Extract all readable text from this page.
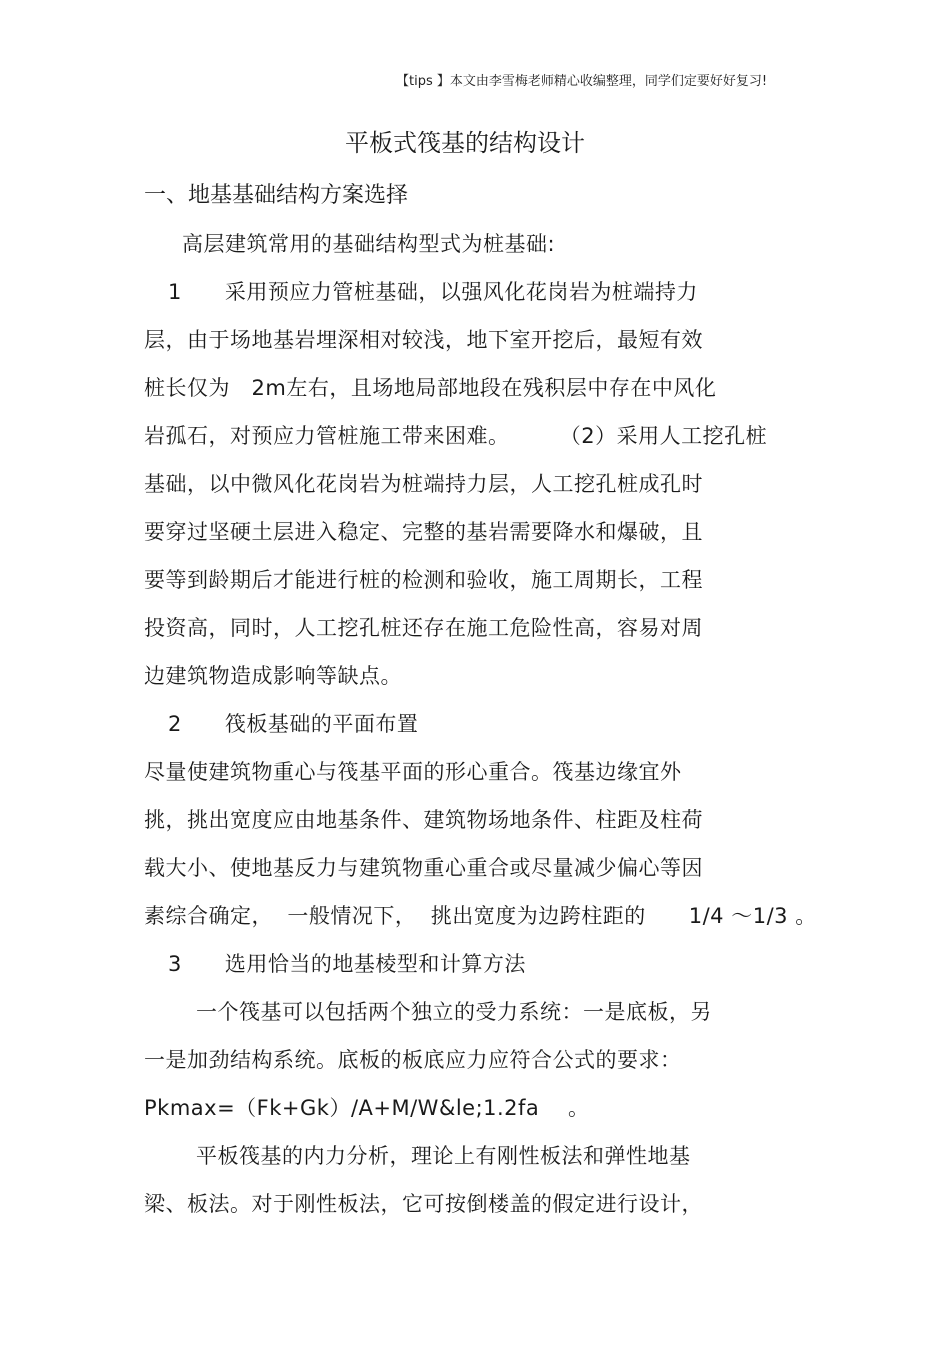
【tips 】本文由李雪梅老师精心收编整理，同学们定要好好复习!
平板式筏基的结构设计
一、地基基础结构方案选择
高层建筑常用的基础结构型式为桩基础:
1      采用预应力管桩基础，以强风化花岗岩为桩端持力
层，由于场地基岩埋深相对较浅，地下室开挖后，最短有效
桩长仅为   2m左右，且场地局部地段在残积层中存在中风化
岩孤石，对预应力管桩施工带来困难。       （2）采用人工挖孔桩
基础，以中微风化花岗岩为桩端持力层，人工挖孔桩成孔时
要穿过坚硬土层进入稳定、完整的基岩需要降水和爆破，且
要等到龄期后才能进行桩的检测和验收，施工周期长，工程
投资高，同时，人工挖孔桩还存在施工危险性高，容易对周
边建筑物造成影响等缺点。
2      筏板基础的平面布置
尽量使建筑物重心与筏基平面的形心重合。筏基边缘宜外
挑，挑出宽度应由地基条件、建筑物场地条件、柱距及柱荷
载大小、使地基反力与建筑物重心重合或尽量减少偏心等因
素综合确定，  一般情况下，  挑出宽度为边跨柱距的      1/4 ～1/3 。
3      选用恰当的地基棱型和计算方法
一个筏基可以包括两个独立的受力系统：一是底板，另
一是加劲结构系统。底板的板底应力应符合公式的要求：
Pkmax=（Fk+Gk）/A+M/W&le;1.2fa    。
平板筏基的内力分析，理论上有刚性板法和弹性地基
梁、板法。对于刚性板法，它可按倒楼盖的假定进行设计，
